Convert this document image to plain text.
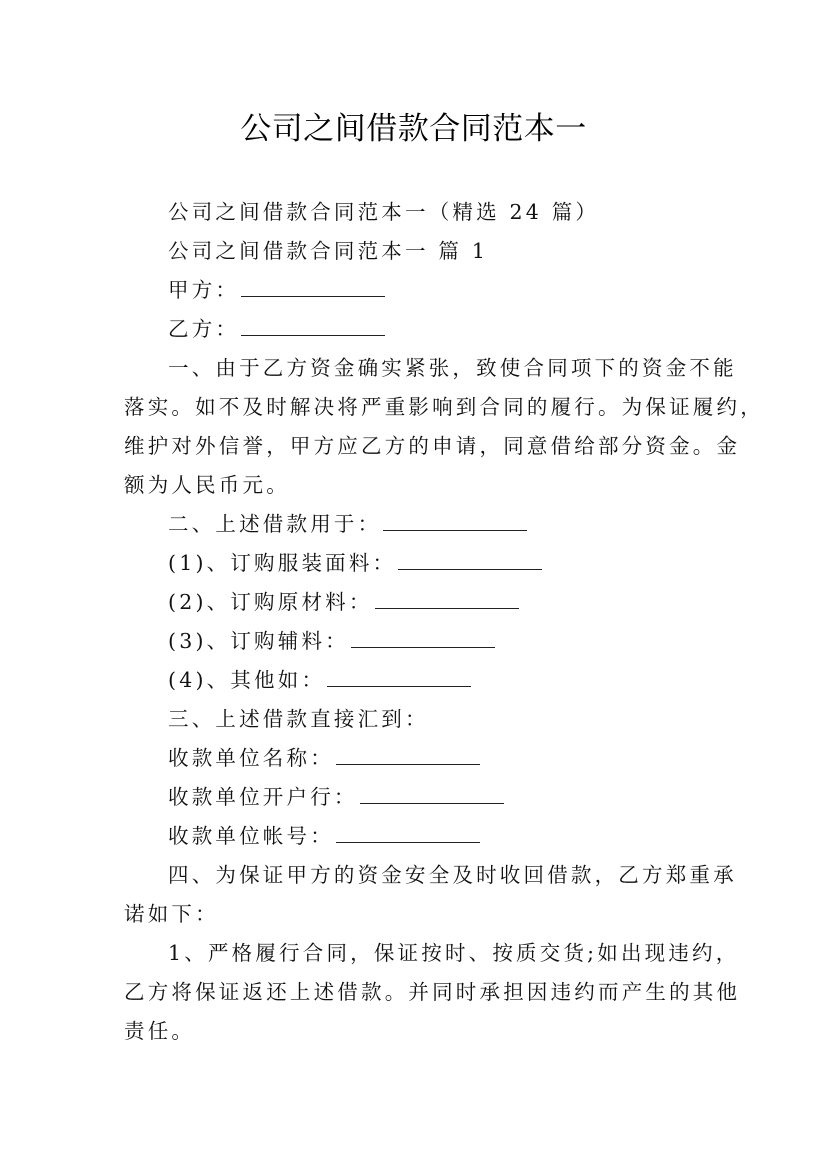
公司之间借款合同范本一
公司之间借款合同范本一（精选 24 篇）
公司之间借款合同范本一 篇 1
甲方：
乙方：
一、由于乙方资金确实紧张，致使合同项下的资金不能
落实。如不及时解决将严重影响到合同的履行。为保证履约，
维护对外信誉，甲方应乙方的申请，同意借给部分资金。金
额为人民币元。
二、上述借款用于：
(1)、订购服装面料：
(2)、订购原材料：
(3)、订购辅料：
(4)、其他如：
三、上述借款直接汇到：
收款单位名称：
收款单位开户行：
收款单位帐号：
四、为保证甲方的资金安全及时收回借款，乙方郑重承
诺如下：
1、严格履行合同，保证按时、按质交货;如出现违约，
乙方将保证返还上述借款。并同时承担因违约而产生的其他
责任。
